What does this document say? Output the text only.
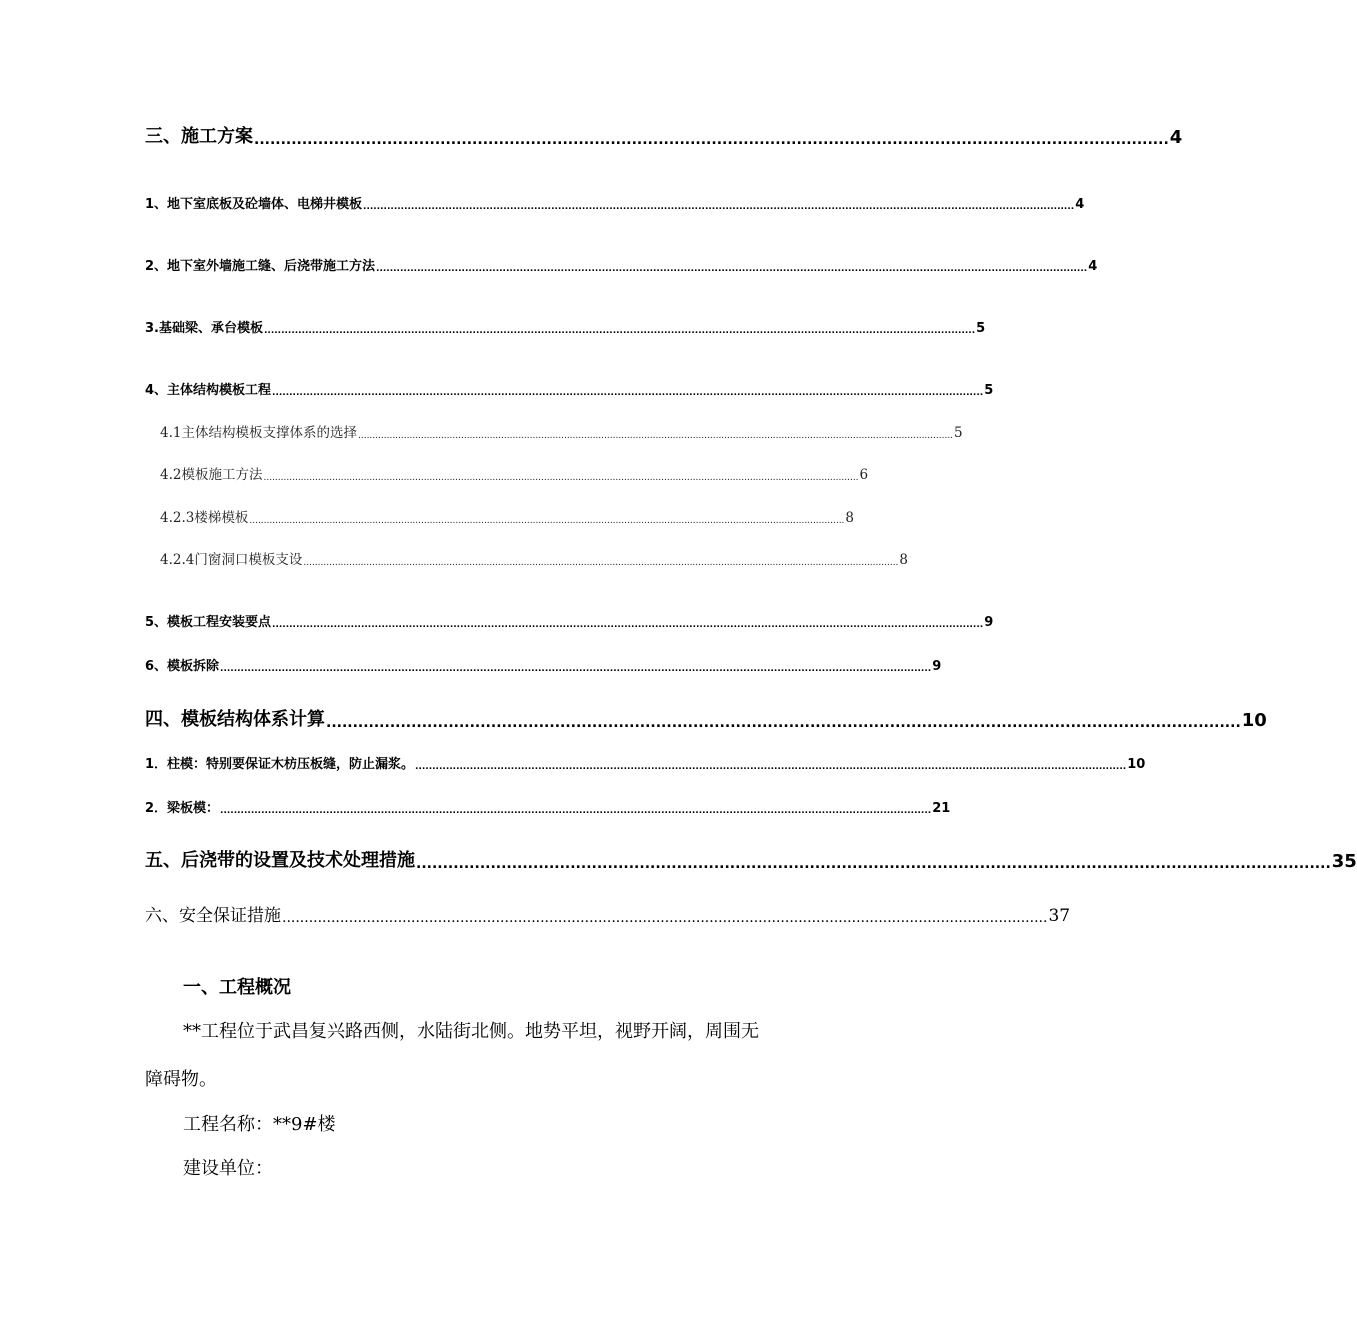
三、施工方案 ............................................................................................................................................................................ 4
1、地下室底板及砼墙体、电梯井模板 ................................................................................................................................................................................................................ 4
2、地下室外墙施工缝、后浇带施工方法 ................................................................................................................................................................................................................ 4
3.基础梁、承台模板 ................................................................................................................................................................................................................ 5
4、主体结构模板工程 ................................................................................................................................................................................................................ 5
4.1主体结构模板支撑体系的选择 ................................................................................................................................................................................................................ 5
4.2模板施工方法 ................................................................................................................................................................................................................ 6
4.2.3楼梯模板 ................................................................................................................................................................................................................ 8
4.2.4门窗洞口模板支设 ................................................................................................................................................................................................................ 8
5、模板工程安装要点 ................................................................................................................................................................................................................ 9
6、模板拆除 ................................................................................................................................................................................................................ 9
四、模板结构体系计算 ............................................................................................................................................................................ 10
1．柱模：特别要保证木枋压板缝，防止漏浆。 ................................................................................................................................................................................................................ 10
2．梁板模： ................................................................................................................................................................................................................ 21
五、后浇带的设置及技术处理措施 ............................................................................................................................................................................ 35
六、安全保证措施 ............................................................................................................................................................................ 37
一、工程概况
**工程位于武昌复兴路西侧，水陆街北侧。地势平坦，视野开阔，周围无
障碍物。
工程名称：**9#楼
建设单位：
